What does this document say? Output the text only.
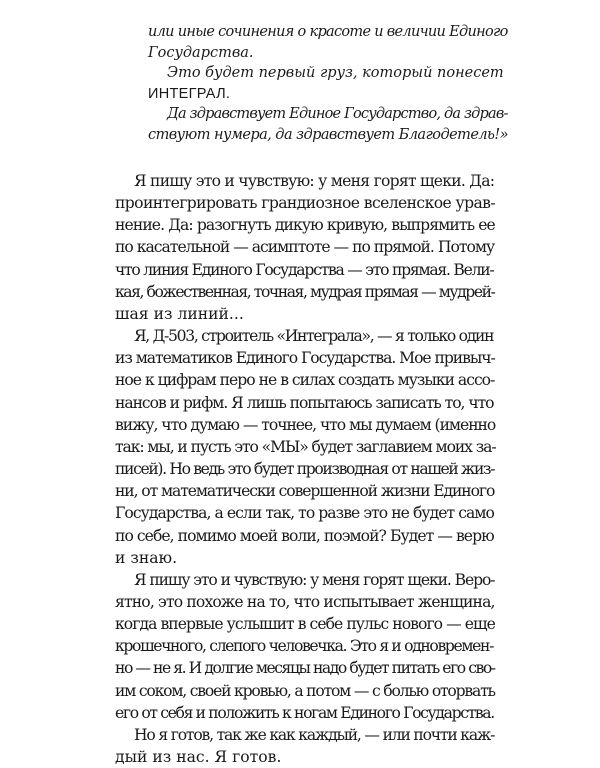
или иные сочинения о красоте и величии Единого
Государства.
Это будет первый груз, который понесет
ИНТЕГРАЛ.
Да здравствует Единое Государство, да здрав-
ствуют нумера, да здравствует Благодетель!»
Я пишу это и чувствую: у меня горят щеки. Да:
проинтегрировать грандиозное вселенское урав-
нение. Да: разогнуть дикую кривую, выпрямить ее
по касательной — асимптоте — по прямой. Потому
что линия Единого Государства — это прямая. Вели-
кая, божественная, точная, мудрая прямая — мудрей-
шая из линий...
Я, Д-503, строитель «Интеграла», — я только один
из математиков Единого Государства. Мое привыч-
ное к цифрам перо не в силах создать музыки ассо-
нансов и рифм. Я лишь попытаюсь записать то, что
вижу, что думаю — точнее, что мы думаем (именно
так: мы, и пусть это «МЫ» будет заглавием моих за-
писей). Но ведь это будет производная от нашей жиз-
ни, от математически совершенной жизни Единого
Государства, а если так, то разве это не будет само
по себе, помимо моей воли, поэмой? Будет — верю
и знаю.
Я пишу это и чувствую: у меня горят щеки. Веро-
ятно, это похоже на то, что испытывает женщина,
когда впервые услышит в себе пульс нового — еще
крошечного, слепого человечка. Это я и одновремен-
но — не я. И долгие месяцы надо будет питать его сво-
им соком, своей кровью, а потом — с болью оторвать
его от себя и положить к ногам Единого Государства.
Но я готов, так же как каждый, — или почти каж-
дый из нас. Я готов.
